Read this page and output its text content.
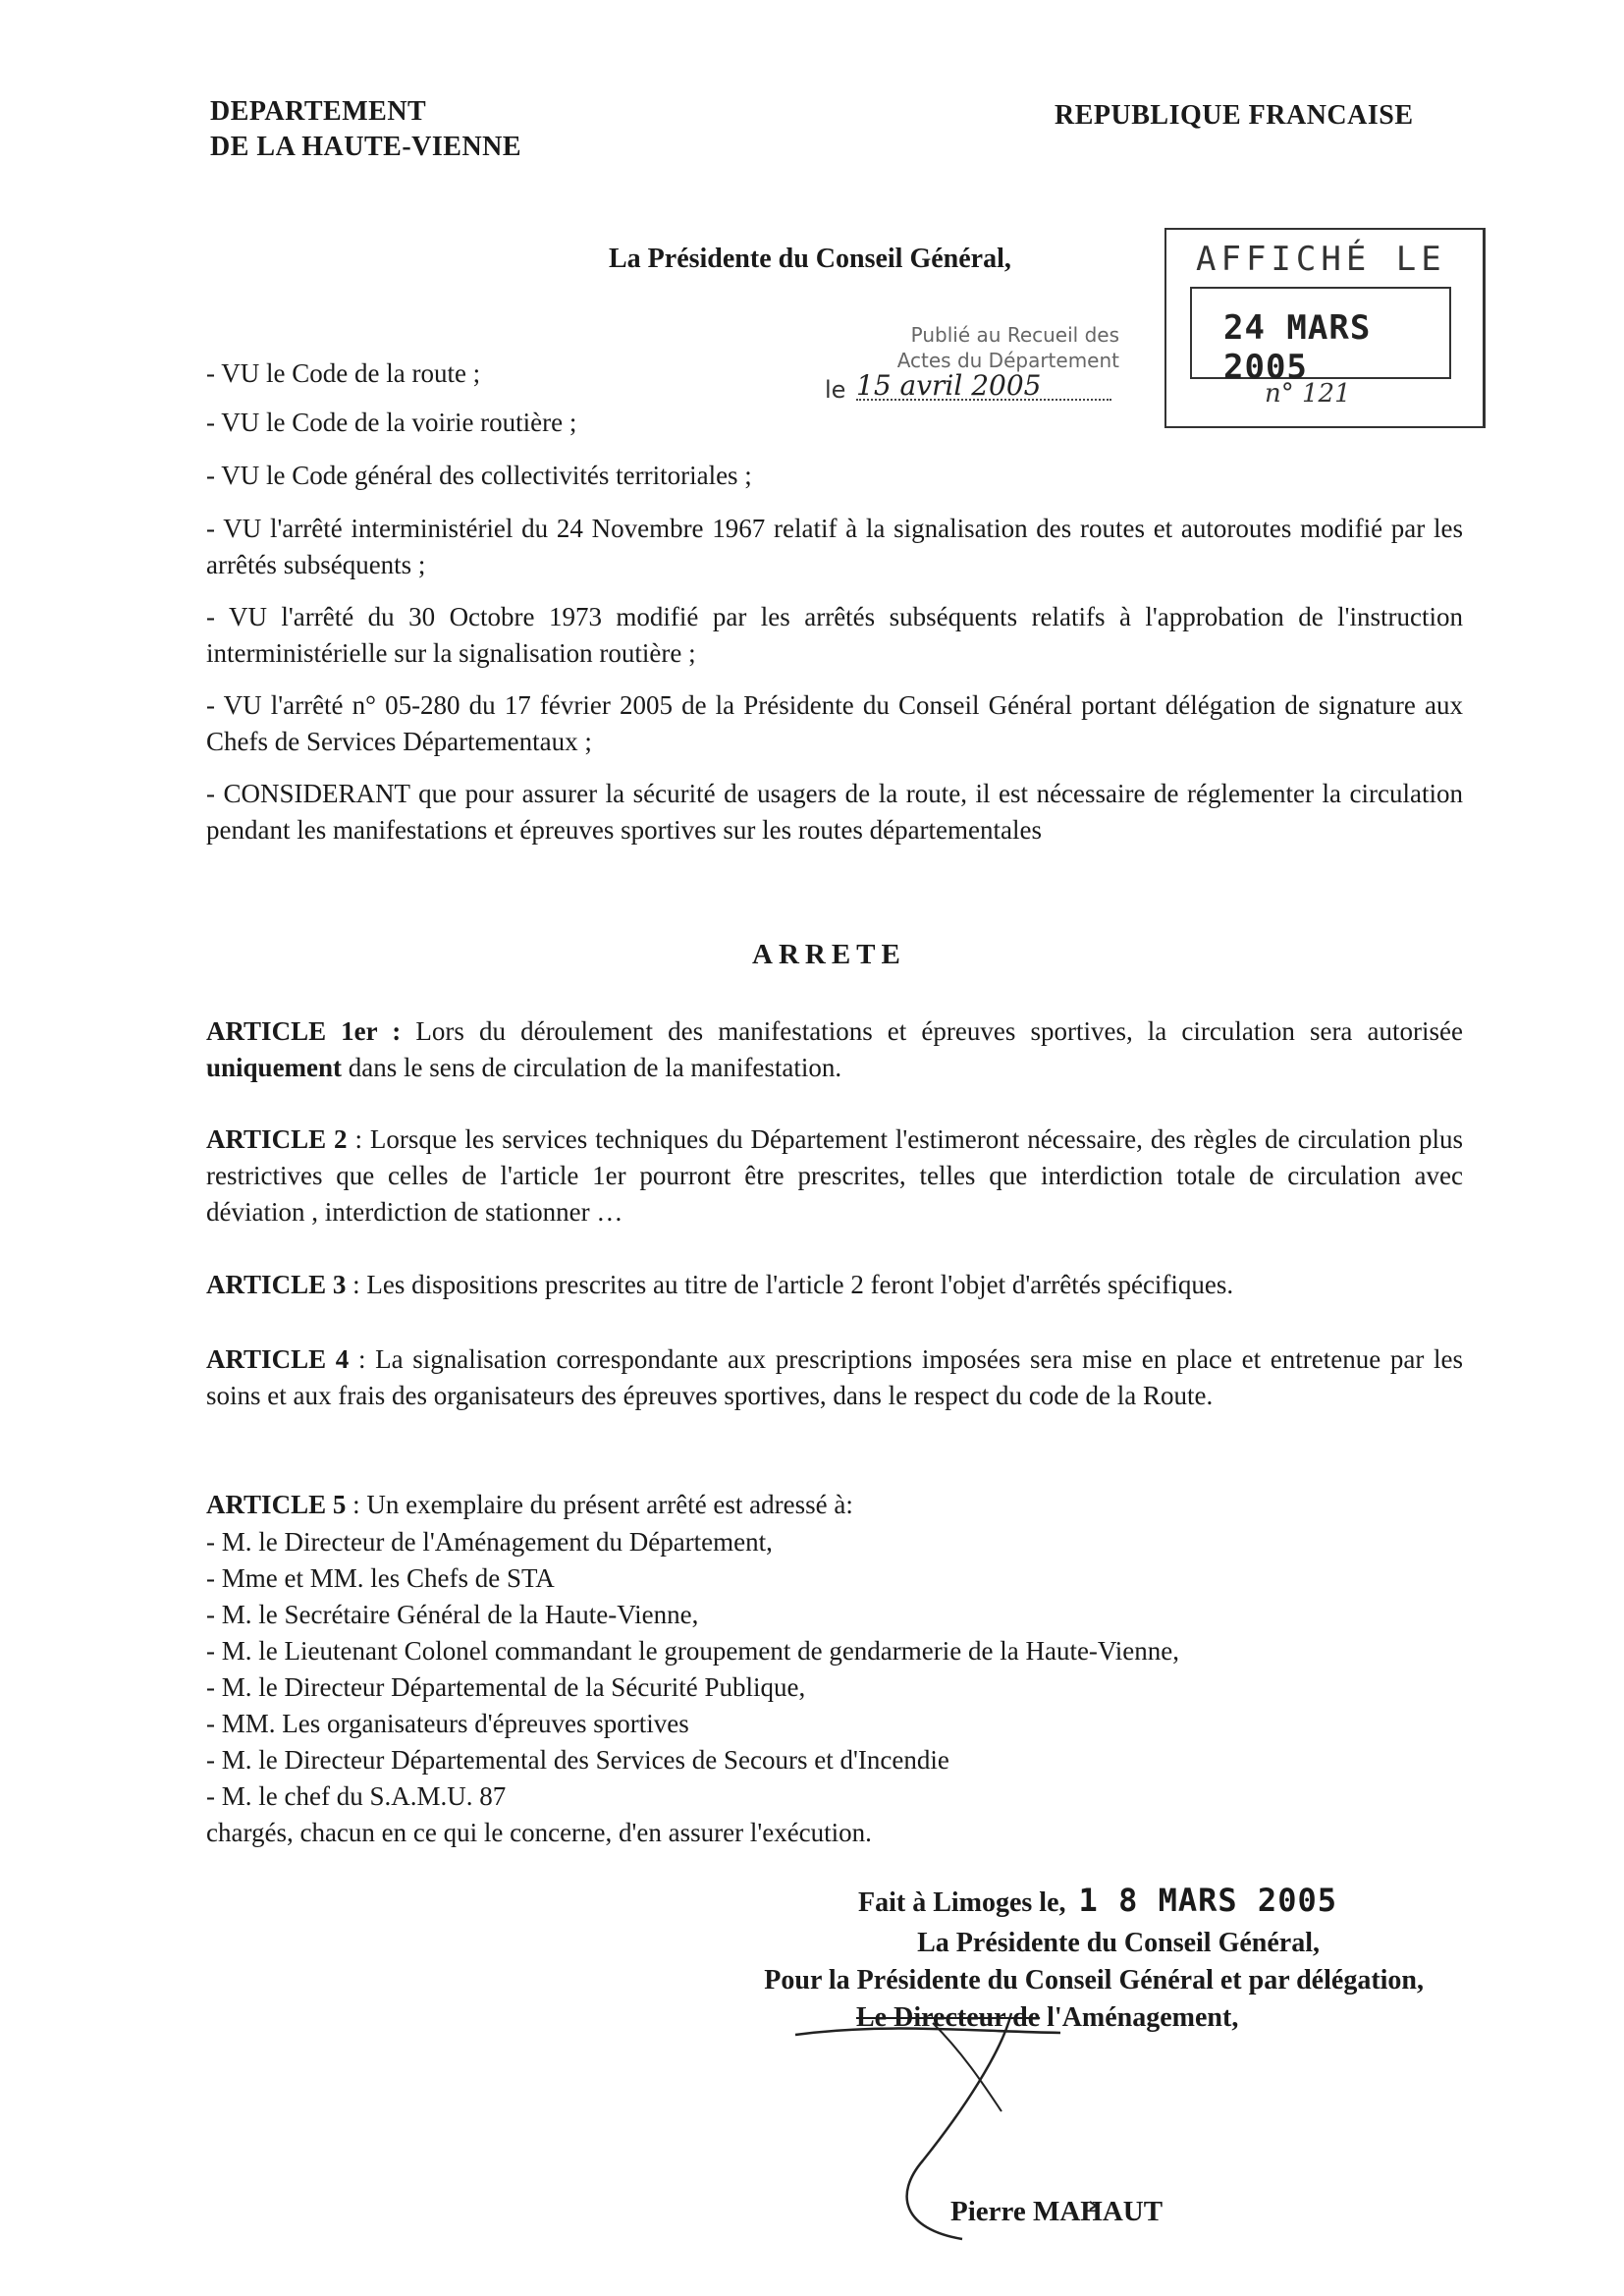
DEPARTEMENT
DE LA HAUTE-VIENNE
REPUBLIQUE FRANCAISE
La Présidente du Conseil Général,
Publié au Recueil des
Actes du Département
le 15 avril 2005
AFFICHÉ LE
24 MARS 2005
n° 121
- VU le Code de la route ;
- VU le Code de la voirie routière ;
- VU le Code général des collectivités territoriales ;
- VU l'arrêté interministériel du 24 Novembre 1967 relatif à la signalisation des routes et autoroutes modifié par les arrêtés subséquents ;
- VU l'arrêté du 30 Octobre 1973 modifié par les arrêtés subséquents relatifs à l'approbation de l'instruction interministérielle sur la signalisation routière ;
- VU l'arrêté n° 05-280 du 17 février 2005 de la Présidente du Conseil Général portant délégation de signature aux Chefs de Services Départementaux ;
- CONSIDERANT que pour assurer la sécurité de usagers de la route, il est nécessaire de réglementer la circulation pendant les manifestations et épreuves sportives sur les routes départementales
ARRETE
ARTICLE 1er : Lors du déroulement des manifestations et épreuves sportives, la circulation sera autorisée uniquement dans le sens de circulation de la manifestation.
ARTICLE 2 : Lorsque les services techniques du Département l'estimeront nécessaire, des règles de circulation plus restrictives que celles de l'article 1er pourront être prescrites, telles que interdiction totale de circulation avec déviation , interdiction de stationner …
ARTICLE 3 : Les dispositions prescrites au titre de l'article 2 feront l'objet d'arrêtés spécifiques.
ARTICLE 4 : La signalisation correspondante aux prescriptions imposées sera mise en place et entretenue par les soins et aux frais des organisateurs des épreuves sportives, dans le respect du code de la Route.
ARTICLE 5 : Un exemplaire du présent arrêté est adressé à:
- M. le Directeur de l'Aménagement du Département,
- Mme et MM. les Chefs de STA
- M. le Secrétaire Général de la Haute-Vienne,
- M. le Lieutenant Colonel commandant le groupement de gendarmerie de la Haute-Vienne,
- M. le Directeur Départemental de la Sécurité Publique,
- MM. Les organisateurs d'épreuves sportives
- M. le Directeur Départemental des Services de Secours et d'Incendie
- M. le chef du S.A.M.U. 87
chargés, chacun en ce qui le concerne, d'en assurer l'exécution.
Fait à Limoges le, 1 8 MARS 2005
La Présidente du Conseil Général,
Pour la Présidente du Conseil Général et par délégation,
Le Directeur de l'Aménagement,
Pierre MAHAUT
